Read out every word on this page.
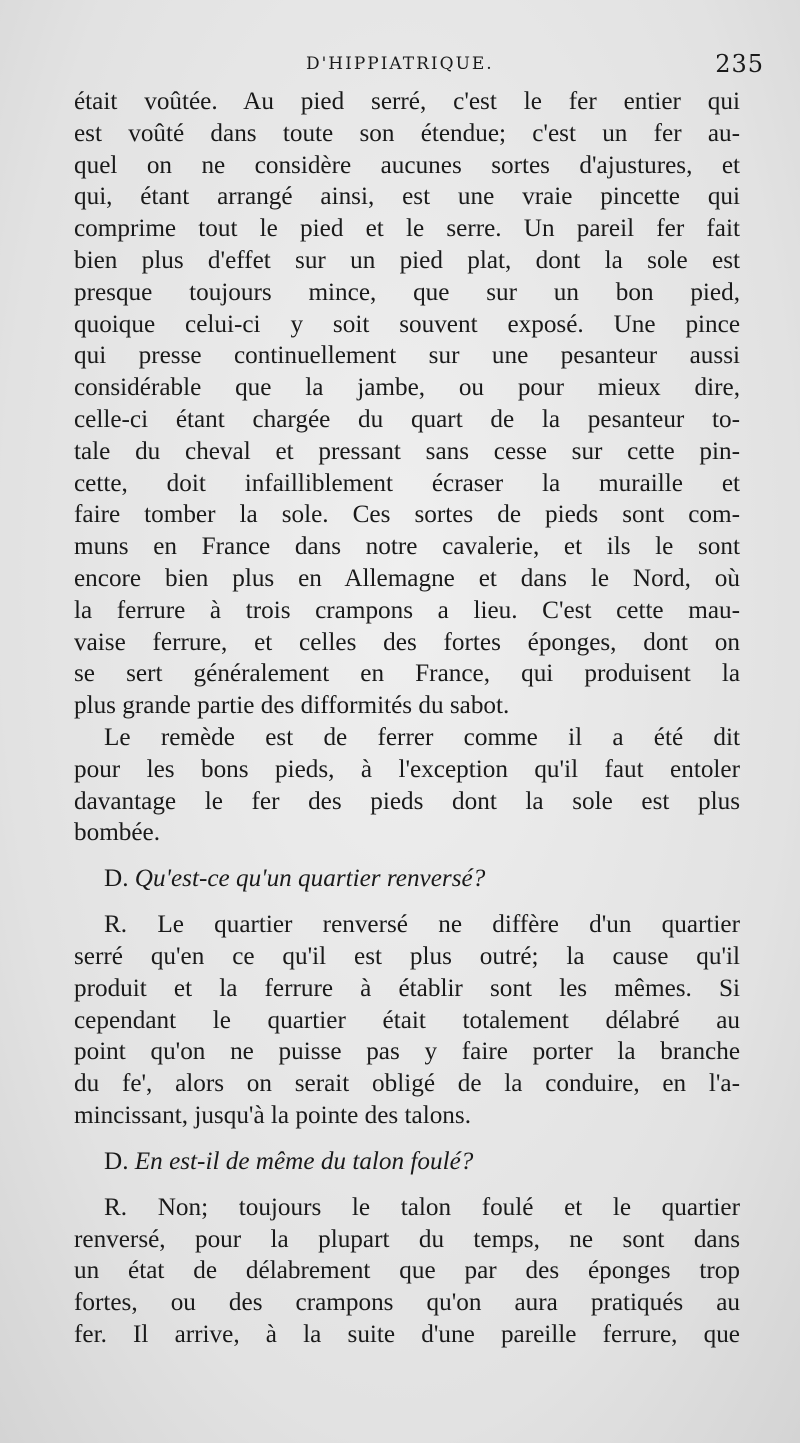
D'HIPPIATRIQUE.	235
était voûtée. Au pied serré, c'est le fer entier qui
est voûté dans toute son étendue; c'est un fer au-
quel on ne considère aucunes sortes d'ajustures, et
qui, étant arrangé ainsi, est une vraie pincette qui
comprime tout le pied et le serre. Un pareil fer fait
bien plus d'effet sur un pied plat, dont la sole est
presque toujours mince, que sur un bon pied,
quoique celui-ci y soit souvent exposé. Une pince
qui presse continuellement sur une pesanteur aussi
considérable que la jambe, ou pour mieux dire,
celle-ci étant chargée du quart de la pesanteur to-
tale du cheval et pressant sans cesse sur cette pin-
cette, doit infailliblement écraser la muraille et
faire tomber la sole. Ces sortes de pieds sont com-
muns en France dans notre cavalerie, et ils le sont
encore bien plus en Allemagne et dans le Nord, où
la ferrure à trois crampons a lieu. C'est cette mau-
vaise ferrure, et celles des fortes éponges, dont on
se sert généralement en France, qui produisent la
plus grande partie des difformités du sabot.
Le remède est de ferrer comme il a été dit
pour les bons pieds, à l'exception qu'il faut entoler
davantage le fer des pieds dont la sole est plus
bombée.
D. Qu'est-ce qu'un quartier renversé?
R. Le quartier renversé ne diffère d'un quartier
serré qu'en ce qu'il est plus outré; la cause qu'il
produit et la ferrure à établir sont les mêmes. Si
cependant le quartier était totalement délabré au
point qu'on ne puisse pas y faire porter la branche
du fe', alors on serait obligé de la conduire, en l'a-
mincissant, jusqu'à la pointe des talons.
D. En est-il de même du talon foulé?
R. Non; toujours le talon foulé et le quartier
renversé, pour la plupart du temps, ne sont dans
un état de délabrement que par des éponges trop
fortes, ou des crampons qu'on aura pratiqués au
fer. Il arrive, à la suite d'une pareille ferrure, que
